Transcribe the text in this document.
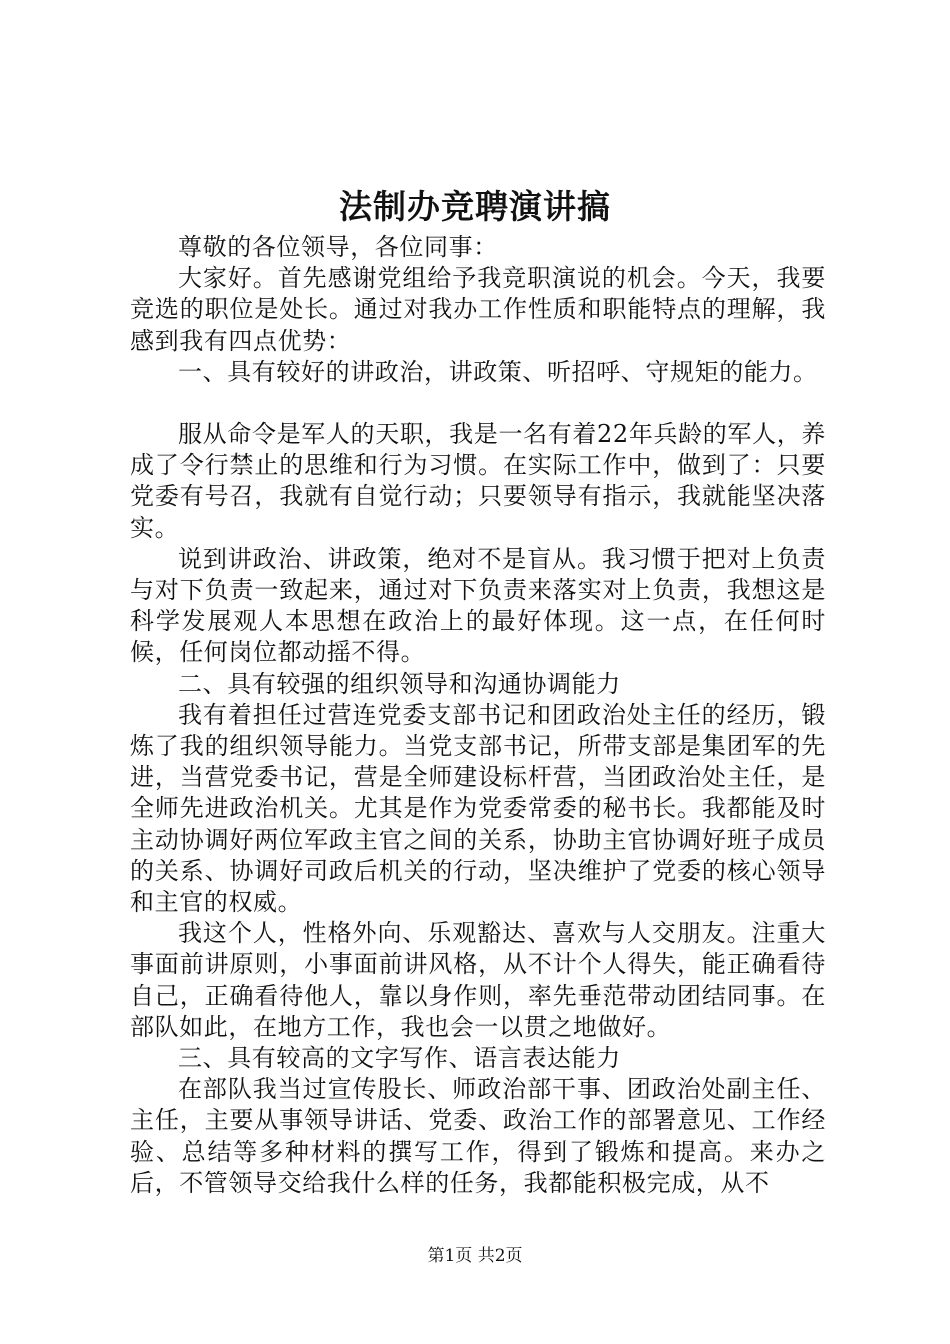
法制办竞聘演讲搞

尊敬的各位领导，各位同事：

大家好。首先感谢党组给予我竞职演说的机会。今天，我要竞选的职位是处长。通过对我办工作性质和职能特点的理解，我感到我有四点优势：

一、具有较好的讲政治，讲政策、听招呼、守规矩的能力。

服从命令是军人的天职，我是一名有着22年兵龄的军人，养成了令行禁止的思维和行为习惯。在实际工作中，做到了：只要党委有号召，我就有自觉行动；只要领导有指示，我就能坚决落实。

说到讲政治、讲政策，绝对不是盲从。我习惯于把对上负责与对下负责一致起来，通过对下负责来落实对上负责，我想这是科学发展观人本思想在政治上的最好体现。这一点，在任何时候，任何岗位都动摇不得。

二、具有较强的组织领导和沟通协调能力

我有着担任过营连党委支部书记和团政治处主任的经历，锻炼了我的组织领导能力。当党支部书记，所带支部是集团军的先进，当营党委书记，营是全师建设标杆营，当团政治处主任，是全师先进政治机关。尤其是作为党委常委的秘书长。我都能及时主动协调好两位军政主官之间的关系，协助主官协调好班子成员的关系、协调好司政后机关的行动，坚决维护了党委的核心领导和主官的权威。

我这个人，性格外向、乐观豁达、喜欢与人交朋友。注重大事面前讲原则，小事面前讲风格，从不计个人得失，能正确看待自己，正确看待他人，靠以身作则，率先垂范带动团结同事。在部队如此，在地方工作，我也会一以贯之地做好。

三、具有较高的文字写作、语言表达能力

在部队我当过宣传股长、师政治部干事、团政治处副主任、主任，主要从事领导讲话、党委、政治工作的部署意见、工作经验、总结等多种材料的撰写工作，得到了锻炼和提高。来办之后，不管领导交给我什么样的任务，我都能积极完成，从不

第1页 共2页
